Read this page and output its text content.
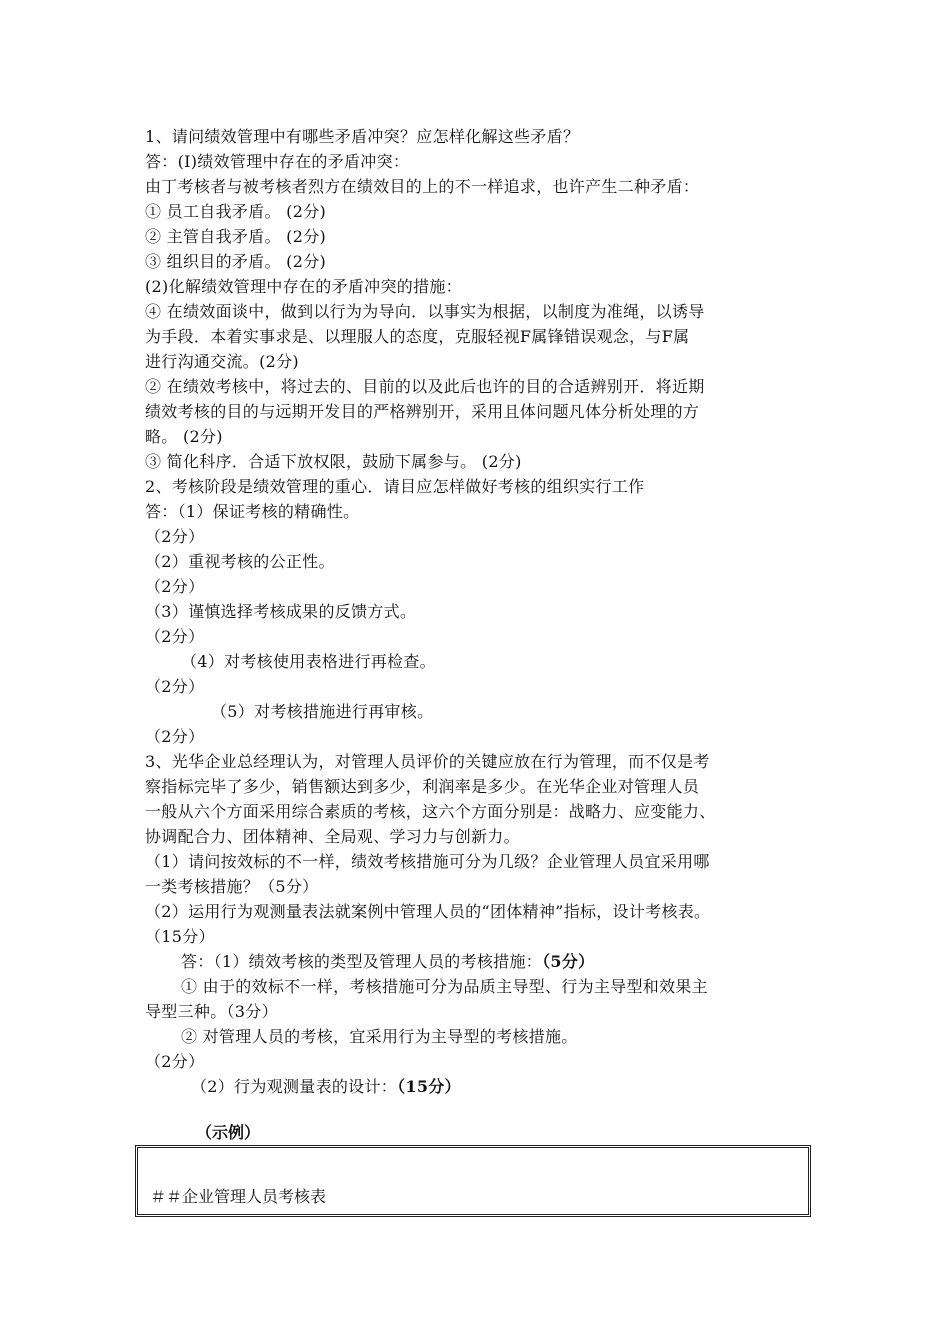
1、请问绩效管理中有哪些矛盾冲突？应怎样化解这些矛盾？
答：(I)绩效管理中存在的矛盾冲突：
由丁考核者与被考核者烈方在绩效目的上的不一样追求，也许产生二种矛盾：
① 员工自我矛盾。 (2分)
② 主管自我矛盾。 (2分)
③ 组织目的矛盾。 (2分)
(2)化解绩效管理中存在的矛盾冲突的措施：
④ 在绩效面谈中，做到以行为为导向．以事实为根据，以制度为准绳，以诱导
为手段．本着实事求是、以理服人的态度，克服轻视F属锋错误观念，与F属
进行沟通交流。(2分)
② 在绩效考核中，将过去的、目前的以及此后也许的目的合适辨别开．将近期
绩效考核的目的与远期开发目的严格辨别开，采用且体问题凡体分析处理的方
略。 (2分)
③ 简化科序．合适下放权限，鼓励下属参与。 (2分)
2、考核阶段是绩效管理的重心．请目应怎样做好考核的组织实行工作
答：（1）保证考核的精确性。
（2分）
（2）重视考核的公正性。
（2分）
（3）谨慎选择考核成果的反馈方式。
（2分）
（4）对考核使用表格进行再检查。
（2分）
（5）对考核措施进行再审核。
（2分）
3、光华企业总经理认为，对管理人员评价的关键应放在行为管理，而不仅是考
察指标完毕了多少，销售额达到多少，利润率是多少。在光华企业对管理人员
一般从六个方面采用综合素质的考核，这六个方面分别是：战略力、应变能力、
协调配合力、团体精神、全局观、学习力与创新力。
（1）请问按效标的不一样，绩效考核措施可分为几级？企业管理人员宜采用哪
一类考核措施？（5分）
（2）运用行为观测量表法就案例中管理人员的“团体精神”指标，设计考核表。
（15分）
答：（1）绩效考核的类型及管理人员的考核措施：（5分）
① 由于的效标不一样，考核措施可分为品质主导型、行为主导型和效果主
导型三种。（3分）
② 对管理人员的考核，宜采用行为主导型的考核措施。
（2分）
（2）行为观测量表的设计：（15分）
（示例）
＃＃企业管理人员考核表
